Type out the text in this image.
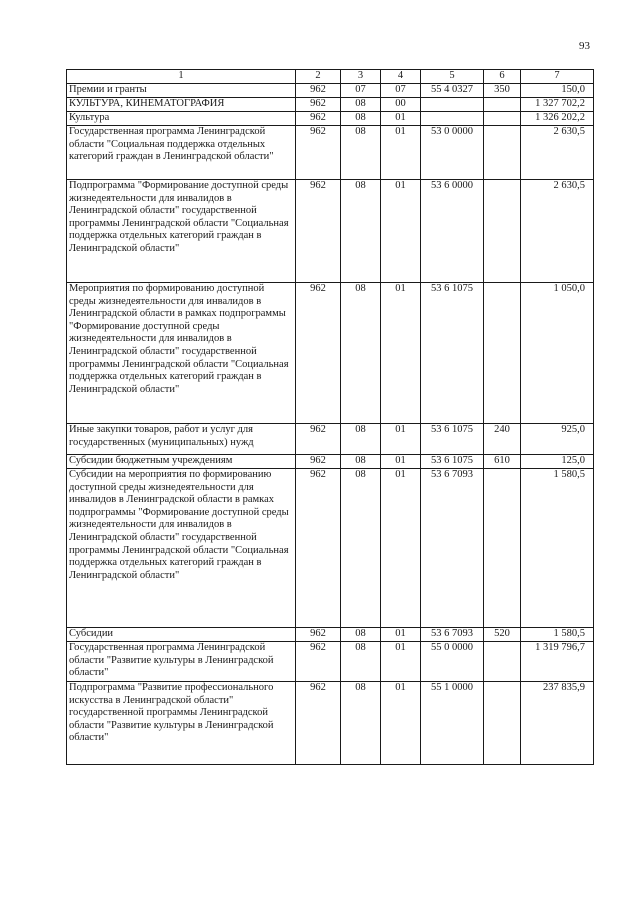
93
1	2	3	4	5	6	7
Премии и гранты	962	07	07	55 4 0327	350	150,0
КУЛЬТУРА, КИНЕМАТОГРАФИЯ	962	08	00			1 327 702,2
Культура	962	08	01			1 326 202,2
Государственная программа Ленинградской области "Социальная поддержка отдельных категорий граждан в Ленинградской области"	962	08	01	53 0 0000		2 630,5
Подпрограмма "Формирование доступной среды жизнедеятельности для инвалидов в Ленинградской области" государственной программы Ленинградской области "Социальная поддержка отдельных категорий граждан в Ленинградской области"	962	08	01	53 6 0000		2 630,5
Мероприятия по формированию доступной среды жизнедеятельности для инвалидов в Ленинградской области в рамках подпрограммы "Формирование доступной среды жизнедеятельности для инвалидов в Ленинградской области" государственной программы Ленинградской области "Социальная поддержка отдельных категорий граждан в Ленинградской области"	962	08	01	53 6 1075		1 050,0
Иные закупки товаров, работ и услуг для государственных (муниципальных) нужд	962	08	01	53 6 1075	240	925,0
Субсидии бюджетным учреждениям	962	08	01	53 6 1075	610	125,0
Субсидии на мероприятия по формированию доступной среды жизнедеятельности для инвалидов в Ленинградской области в рамках подпрограммы "Формирование доступной среды жизнедеятельности для инвалидов в Ленинградской области" государственной программы Ленинградской области "Социальная поддержка отдельных категорий граждан в Ленинградской области"	962	08	01	53 6 7093		1 580,5
Субсидии	962	08	01	53 6 7093	520	1 580,5
Государственная программа Ленинградской области "Развитие культуры в Ленинградской области"	962	08	01	55 0 0000		1 319 796,7
Подпрограмма "Развитие профессионального искусства в Ленинградской области" государственной программы Ленинградской области "Развитие культуры в Ленинградской области"	962	08	01	55 1 0000		237 835,9
